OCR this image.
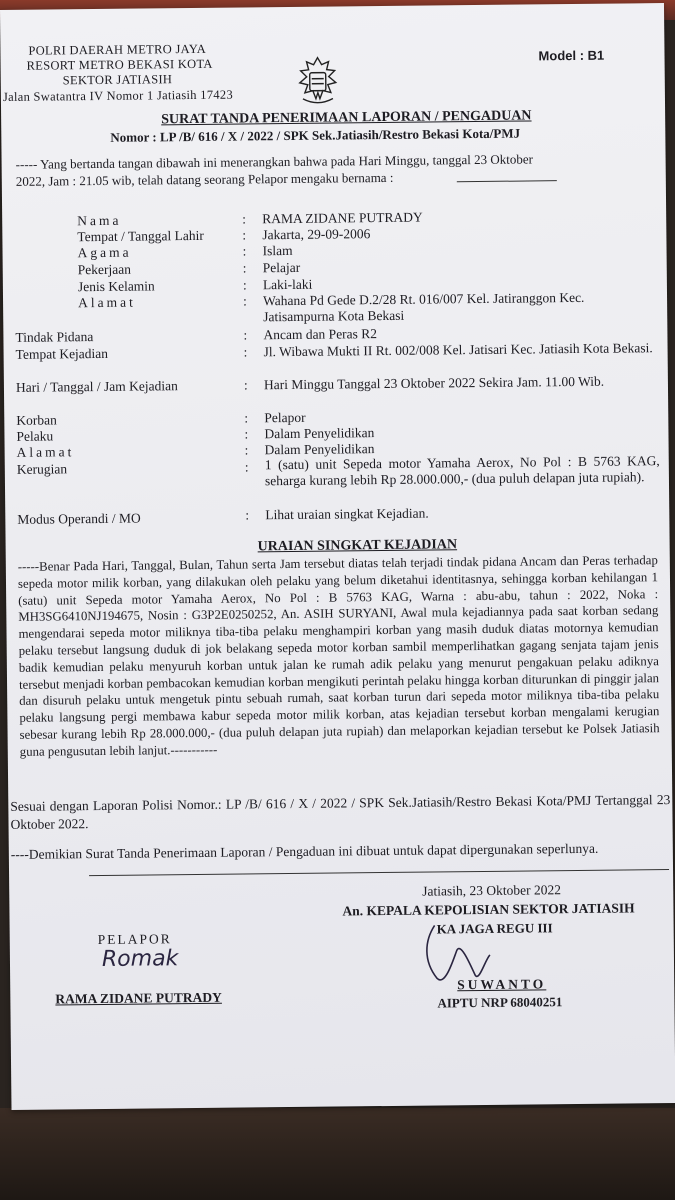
POLRI DAERAH METRO JAYA
RESORT METRO BEKASI KOTA
SEKTOR JATIASIH
Jalan Swatantra IV Nomor 1 Jatiasih 17423
Model : B1
SURAT TANDA PENERIMAAN LAPORAN / PENGADUAN
Nomor : LP /B/ 616 / X / 2022 / SPK Sek.Jatiasih/Restro Bekasi Kota/PMJ
----- Yang bertanda tangan dibawah ini menerangkan bahwa pada Hari Minggu, tanggal 23 Oktober
2022, Jam : 21.05 wib, telah datang seorang Pelapor mengaku bernama :
Nama	: RAMA ZIDANE PUTRADY
Tempat / Tanggal Lahir	: Jakarta, 29-09-2006
Agama	: Islam
Pekerjaan	: Pelajar
Jenis Kelamin	: Laki-laki
Alamat	: Wahana Pd Gede D.2/28 Rt. 016/007 Kel. Jatiranggon Kec. Jatisampurna Kota Bekasi
Tindak Pidana	: Ancam dan Peras R2
Tempat Kejadian	: Jl. Wibawa Mukti II Rt. 002/008 Kel. Jatisari Kec. Jatiasih Kota Bekasi.
Hari / Tanggal / Jam Kejadian	: Hari Minggu Tanggal 23 Oktober 2022 Sekira Jam. 11.00 Wib.
Korban	: Pelapor
Pelaku	: Dalam Penyelidikan
Alamat	: Dalam Penyelidikan
Kerugian	: 1 (satu) unit Sepeda motor Yamaha Aerox, No Pol : B 5763 KAG, seharga kurang lebih Rp 28.000.000,- (dua puluh delapan juta rupiah).
Modus Operandi / MO	: Lihat uraian singkat Kejadian.
URAIAN SINGKAT KEJADIAN
-----Benar Pada Hari, Tanggal, Bulan, Tahun serta Jam tersebut diatas telah terjadi tindak pidana Ancam dan Peras terhadap sepeda motor milik korban, yang dilakukan oleh pelaku yang belum diketahui identitasnya, sehingga korban kehilangan 1 (satu) unit Sepeda motor Yamaha Aerox, No Pol : B 5763 KAG, Warna : abu-abu, tahun : 2022, Noka : MH3SG6410NJ194675, Nosin : G3P2E0250252, An. ASIH SURYANI, Awal mula kejadiannya pada saat korban sedang mengendarai sepeda motor miliknya tiba-tiba pelaku menghampiri korban yang masih duduk diatas motornya kemudian pelaku tersebut langsung duduk di jok belakang sepeda motor korban sambil memperlihatkan gagang senjata tajam jenis badik kemudian pelaku menyuruh korban untuk jalan ke rumah adik pelaku yang menurut pengakuan pelaku adiknya tersebut menjadi korban pembacokan kemudian korban mengikuti perintah pelaku hingga korban diturunkan di pinggir jalan dan disuruh pelaku untuk mengetuk pintu sebuah rumah, saat korban turun dari sepeda motor miliknya tiba-tiba pelaku pelaku langsung pergi membawa kabur sepeda motor milik korban, atas kejadian tersebut korban mengalami kerugian sebesar kurang lebih Rp 28.000.000,- (dua puluh delapan juta rupiah) dan melaporkan kejadian tersebut ke Polsek Jatiasih guna pengusutan lebih lanjut.-----------
Sesuai dengan Laporan Polisi Nomor.: LP /B/ 616 / X / 2022 / SPK Sek.Jatiasih/Restro Bekasi Kota/PMJ Tertanggal 23 Oktober 2022.
----Demikian Surat Tanda Penerimaan Laporan / Pengaduan ini dibuat untuk dapat dipergunakan seperlunya.
Jatiasih, 23 Oktober 2022
An. KEPALA KEPOLISIAN SEKTOR JATIASIH
KA JAGA REGU III
PELAPOR
Romak
RAMA ZIDANE PUTRADY
SUWANTO
AIPTU NRP 68040251
